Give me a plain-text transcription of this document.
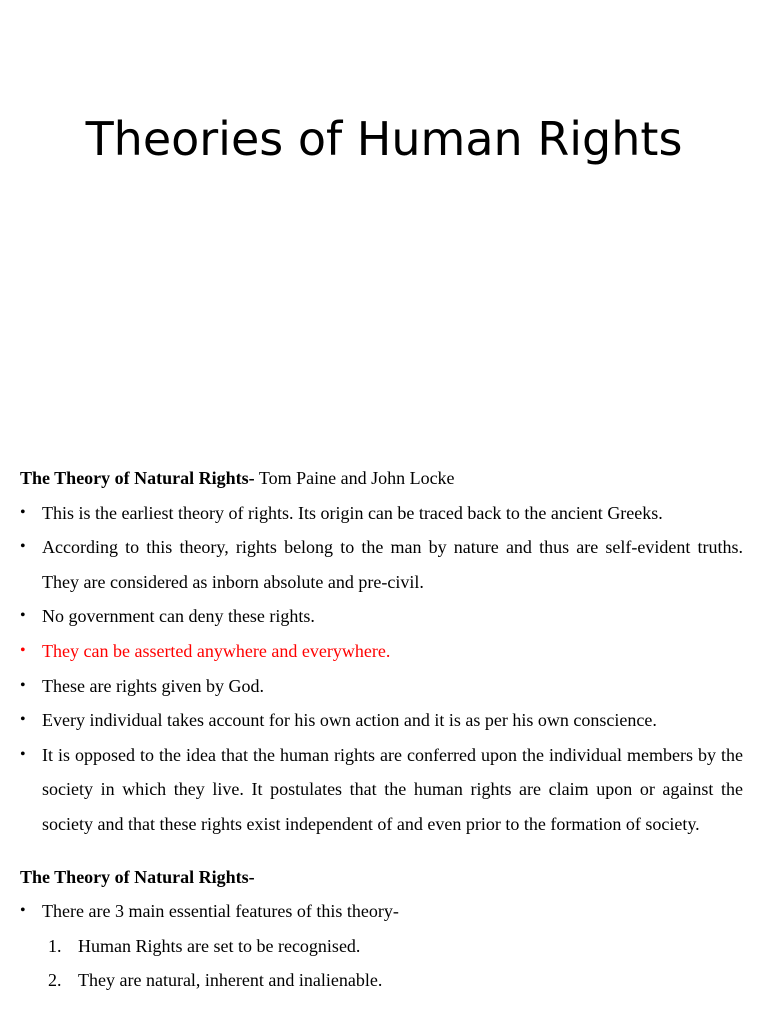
Theories of Human Rights

The Theory of Natural Rights- Tom Paine and John Locke

• This is the earliest theory of rights. Its origin can be traced back to the ancient Greeks.
• According to this theory, rights belong to the man by nature and thus are self-evident truths. They are considered as inborn absolute and pre-civil.
• No government can deny these rights.
• They can be asserted anywhere and everywhere.
• These are rights given by God.
• Every individual takes account for his own action and it is as per his own conscience.
• It is opposed to the idea that the human rights are conferred upon the individual members by the society in which they live. It postulates that the human rights are claim upon or against the society and that these rights exist independent of and even prior to the formation of society.

The Theory of Natural Rights-

• There are 3 main essential features of this theory-
1. Human Rights are set to be recognised.
2. They are natural, inherent and inalienable.
